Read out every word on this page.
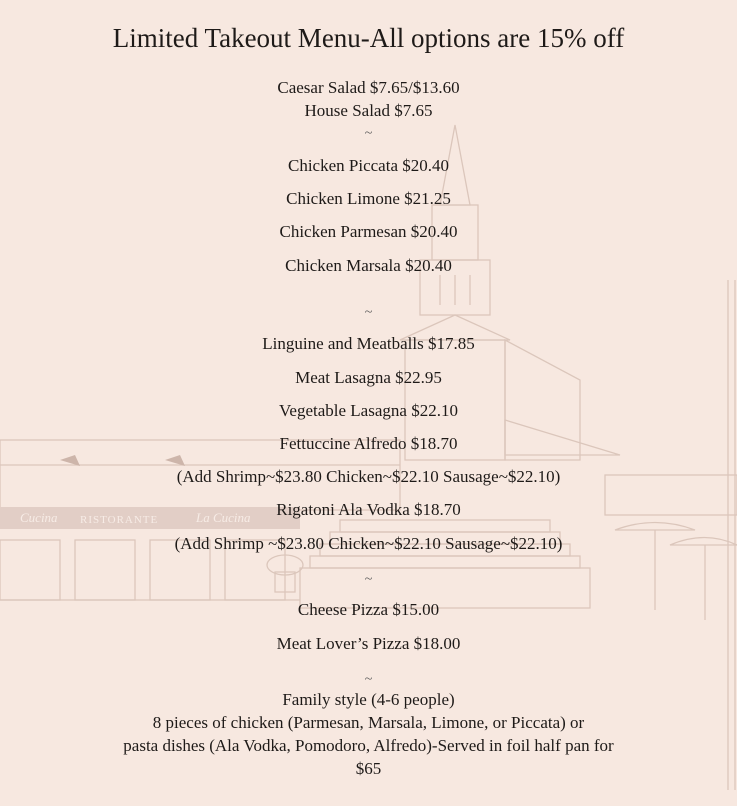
Cucina RISTORANTE	La Cucina
Limited Takeout Menu-All options are 15% off
Caesar Salad $7.65/$13.60
House Salad $7.65
~
Chicken Piccata $20.40
Chicken Limone $21.25
Chicken Parmesan $20.40
Chicken Marsala $20.40
~
Linguine and Meatballs $17.85
Meat Lasagna $22.95
Vegetable Lasagna $22.10
Fettuccine Alfredo $18.70
(Add Shrimp~$23.80 Chicken~$22.10 Sausage~$22.10)
Rigatoni Ala Vodka $18.70
(Add Shrimp ~$23.80 Chicken~$22.10 Sausage~$22.10)
~
Cheese Pizza $15.00
Meat Lover’s Pizza $18.00
~
Family style (4-6 people)
8 pieces of chicken (Parmesan, Marsala, Limone, or Piccata) or
pasta dishes (Ala Vodka, Pomodoro, Alfredo)-Served in foil half pan for
$65
